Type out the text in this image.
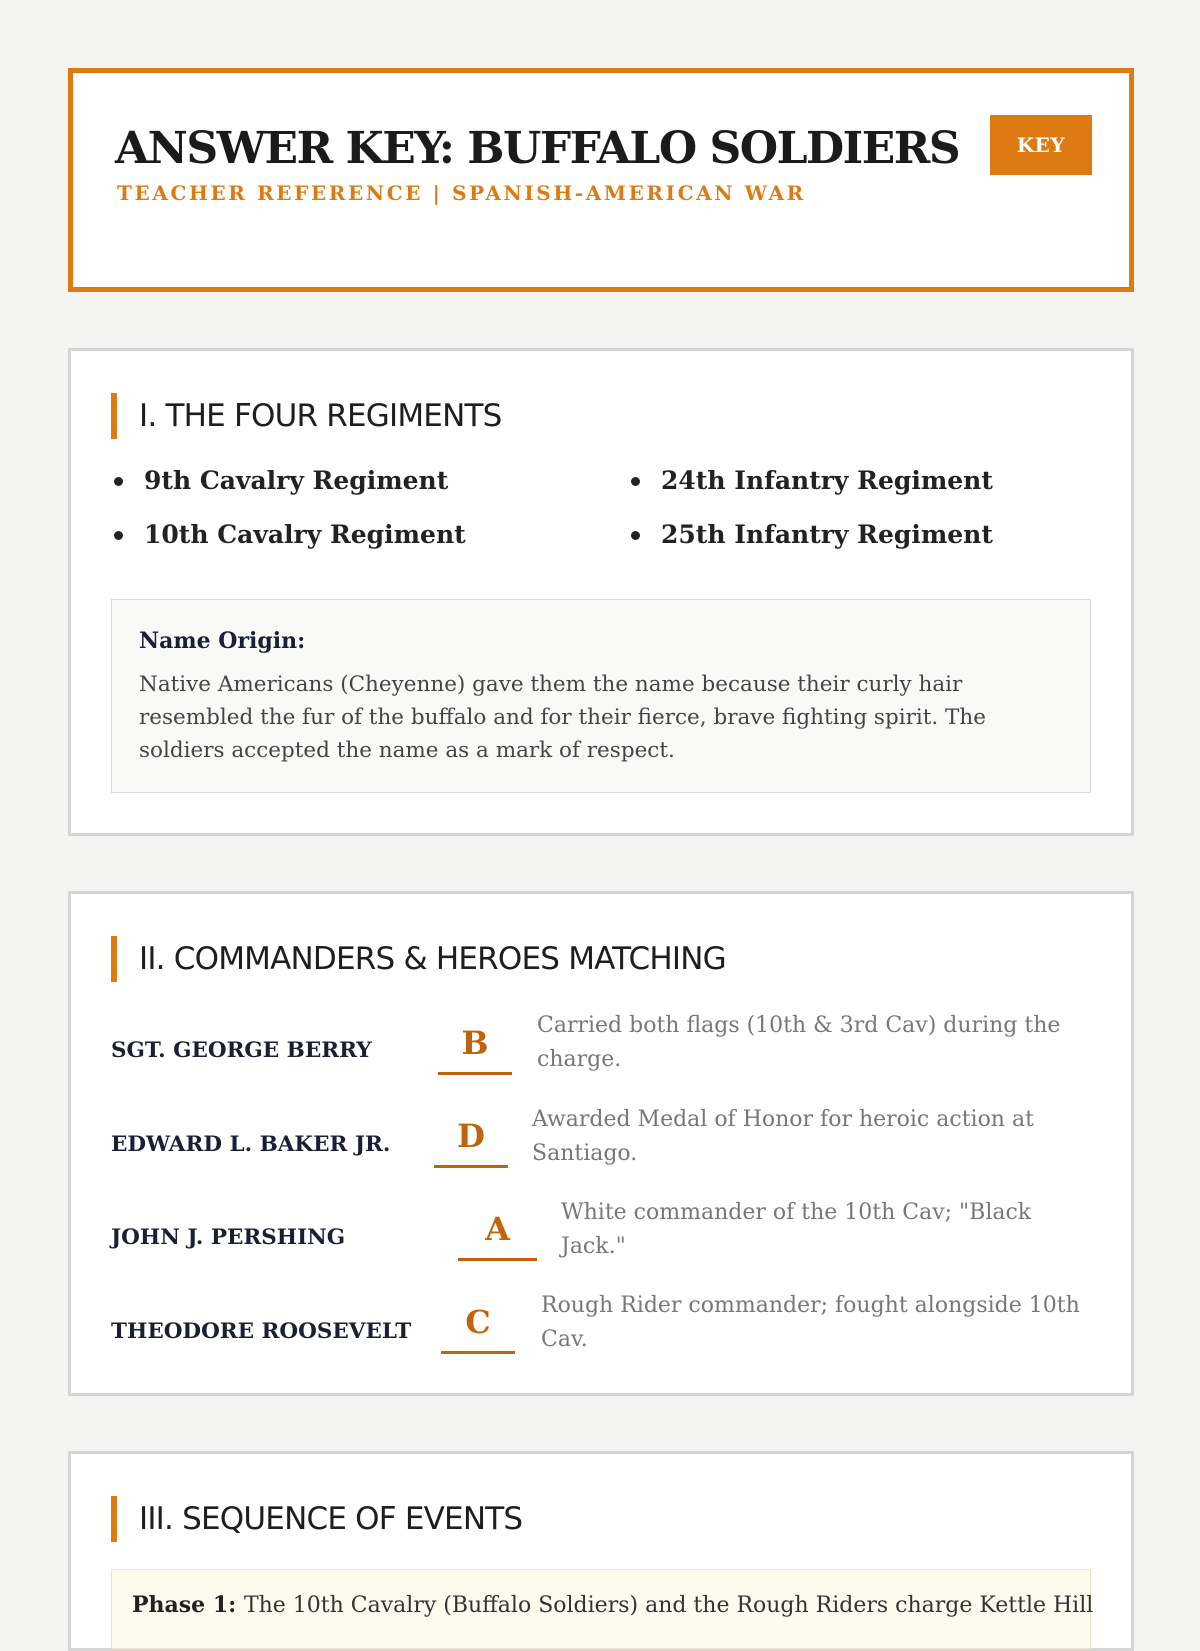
ANSWER KEY: BUFFALO SOLDIERS
TEACHER REFERENCE | SPANISH-AMERICAN WAR
KEY
I. THE FOUR REGIMENTS
9th Cavalry Regiment	24th Infantry Regiment
10th Cavalry Regiment	25th Infantry Regiment
Name Origin:
Native Americans (Cheyenne) gave them the name because their curly hair resembled the fur of the buffalo and for their fierce, brave fighting spirit. The soldiers accepted the name as a mark of respect.
II. COMMANDERS & HEROES MATCHING
SGT. GEORGE BERRY	B	Carried both flags (10th & 3rd Cav) during the charge.
EDWARD L. BAKER JR.	D	Awarded Medal of Honor for heroic action at Santiago.
JOHN J. PERSHING	A	White commander of the 10th Cav; "Black Jack."
THEODORE ROOSEVELT	C	Rough Rider commander; fought alongside 10th Cav.
III. SEQUENCE OF EVENTS
Phase 1: The 10th Cavalry (Buffalo Soldiers) and the Rough Riders charge Kettle Hill
